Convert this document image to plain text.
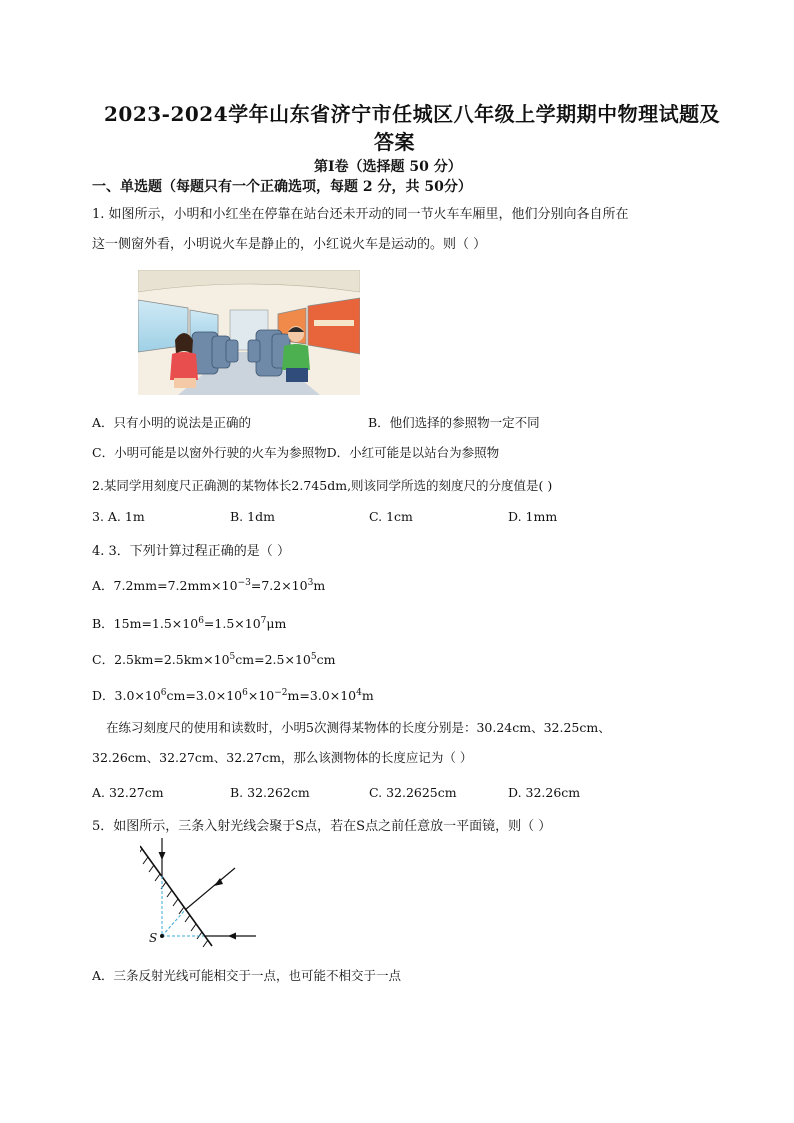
2023-2024学年山东省济宁市任城区八年级上学期期中物理试题及
答案
第Ⅰ卷（选择题 50 分）
一、单选题（每题只有一个正确选项，每题 2 分，共 50分）
1. 如图所示，小明和小红坐在停靠在站台还未开动的同一节火车车厢里，他们分别向各自所在
这一侧窗外看，小明说火车是静止的，小红说火车是运动的。则（ ）
A．只有小明的说法是正确的	B．他们选择的参照物一定不同
C．小明可能是以窗外行驶的火车为参照物D．小红可能是以站台为参照物
2.某同学用刻度尺正确测的某物体长2.745dm,则该同学所选的刻度尺的分度值是( )
3. A. 1m	B. 1dm	C. 1cm	D. 1mm
4. 3．下列计算过程正确的是（ ）
A．$7.2mm=7.2mm\times 10^{-3}=7.2\times 10^3m$
B．$15m=1.5\times 10^6=1.5\times 10^7\mu m$
C．$2.5km=2.5km\times 10^5cm=2.5\times 10^5cm$
D．$3.0\times 10^6cm=3.0\times 10^6\times 10^{-2}m=3.0\times 10^4m$
在练习刻度尺的使用和读数时，小明5次测得某物体的长度分别是：30.24cm、32.25cm、
32.26cm、32.27cm、32.27cm，那么该测物体的长度应记为（ ）
A. 32.27cm	B. 32.262cm	C. 32.2625cm	D. 32.26cm
5．如图所示，三条入射光线会聚于S点，若在S点之前任意放一平面镜，则（ ）
S
A．三条反射光线可能相交于一点，也可能不相交于一点
